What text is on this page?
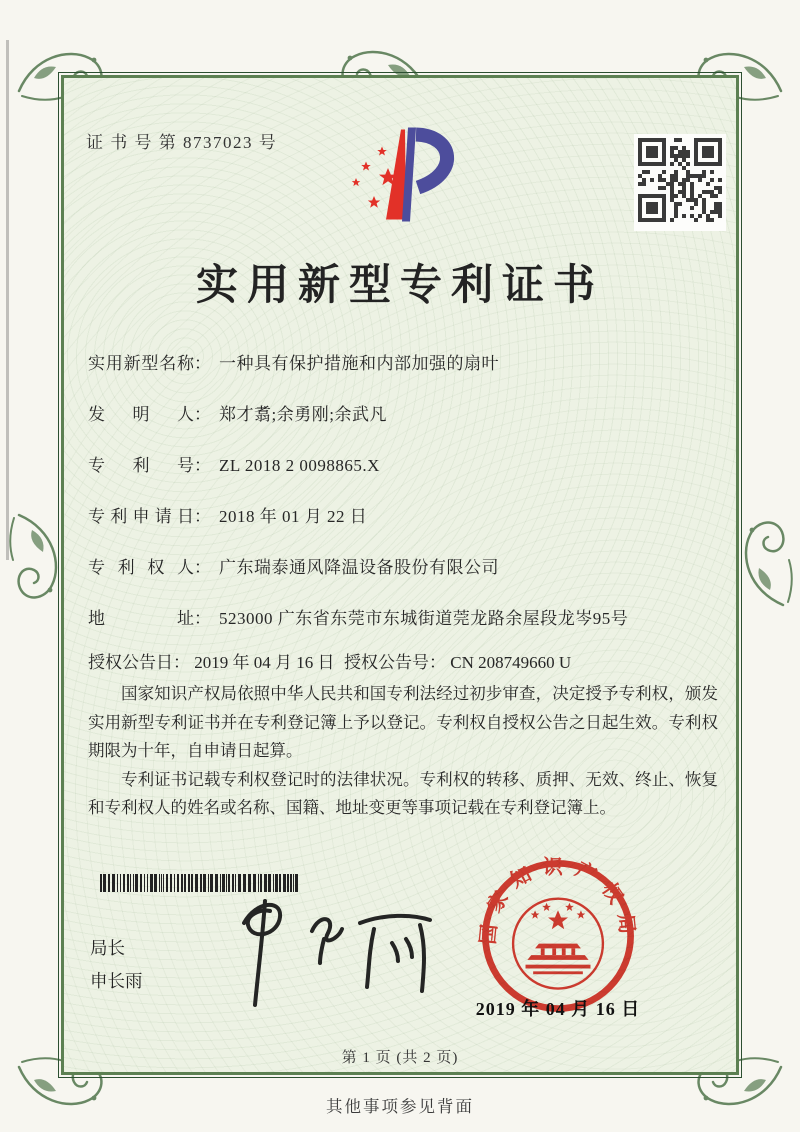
证 书 号 第 8737023 号
实用新型专利证书
实用新型名称： 一种具有保护措施和内部加强的扇叶
发明人： 郑才翥;余勇刚;余武凡
专利号： ZL 2018 2 0098865.X
专利申请日： 2018 年 01 月 22 日
专利权人： 广东瑞泰通风降温设备股份有限公司
地址： 523000 广东省东莞市东城街道莞龙路余屋段龙岑95号
授权公告日： 2019 年 04 月 16 日 授权公告号： CN 208749660 U

国家知识产权局依照中华人民共和国专利法经过初步审查，决定授予专利权，颁发实用新型专利证书并在专利登记簿上予以登记。专利权自授权公告之日起生效。专利权期限为十年，自申请日起算。

专利证书记载专利权登记时的法律状况。专利权的转移、质押、无效、终止、恢复和专利权人的姓名或名称、国籍、地址变更等事项记载在专利登记簿上。

局长
申长雨
国家知识产权局
2019 年 04 月 16 日
第 1 页 (共 2 页)
其他事项参见背面
